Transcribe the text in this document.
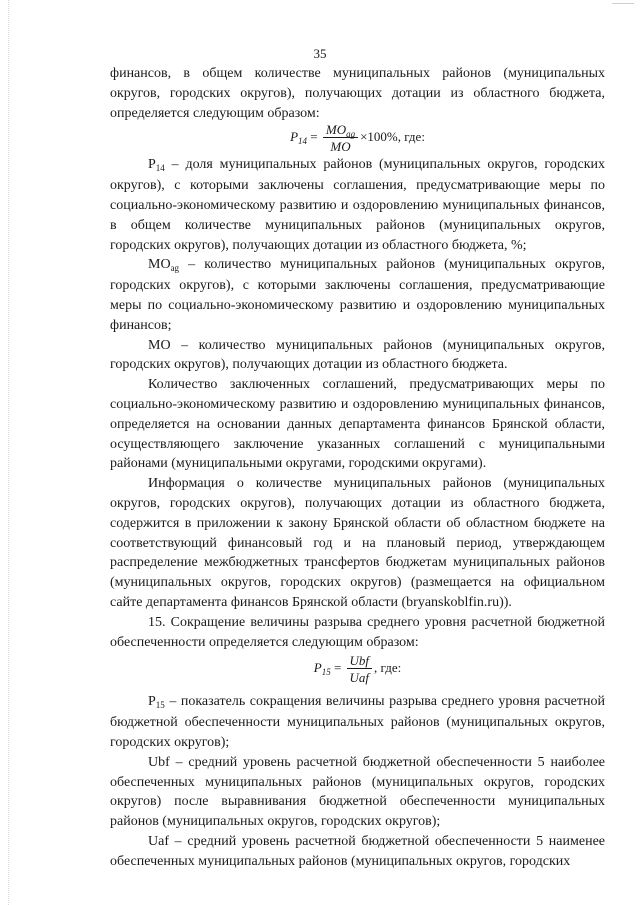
35

финансов, в общем количестве муниципальных районов (муниципальных округов, городских округов), получающих дотации из областного бюджета, определяется следующим образом:

$P_{14} = \frac{MO_{ag}}{MO} \times 100\%$, где:

$Р_{14}$ – доля муниципальных районов (муниципальных округов, городских округов), с которыми заключены соглашения, предусматривающие меры по социально-экономическому развитию и оздоровлению муниципальных финансов, в общем количестве муниципальных районов (муниципальных округов, городских округов), получающих дотации из областного бюджета, %;

$МО_{ag}$ – количество муниципальных районов (муниципальных округов, городских округов), с которыми заключены соглашения, предусматривающие меры по социально-экономическому развитию и оздоровлению муниципальных финансов;

МО – количество муниципальных районов (муниципальных округов, городских округов), получающих дотации из областного бюджета.

Количество заключенных соглашений, предусматривающих меры по социально-экономическому развитию и оздоровлению муниципальных финансов, определяется на основании данных департамента финансов Брянской области, осуществляющего заключение указанных соглашений с муниципальными районами (муниципальными округами, городскими округами).

Информация о количестве муниципальных районов (муниципальных округов, городских округов), получающих дотации из областного бюджета, содержится в приложении к закону Брянской области об областном бюджете на соответствующий финансовый год и на плановый период, утверждающем распределение межбюджетных трансфертов бюджетам муниципальных районов (муниципальных округов, городских округов) (размещается на официальном сайте департамента финансов Брянской области (bryanskoblfin.ru)).

15. Сокращение величины разрыва среднего уровня расчетной бюджетной обеспеченности определяется следующим образом:

$P_{15} = \frac{\text{Ubf}}{\text{Uaf}}$ , где:

$Р_{15}$ – показатель сокращения величины разрыва среднего уровня расчетной бюджетной обеспеченности муниципальных районов (муниципальных округов, городских округов);

Ubf – средний уровень расчетной бюджетной обеспеченности 5 наиболее обеспеченных муниципальных районов (муниципальных округов, городских округов) после выравнивания бюджетной обеспеченности муниципальных районов (муниципальных округов, городских округов);

Uaf – средний уровень расчетной бюджетной обеспеченности 5 наименее обеспеченных муниципальных районов (муниципальных округов, городских
